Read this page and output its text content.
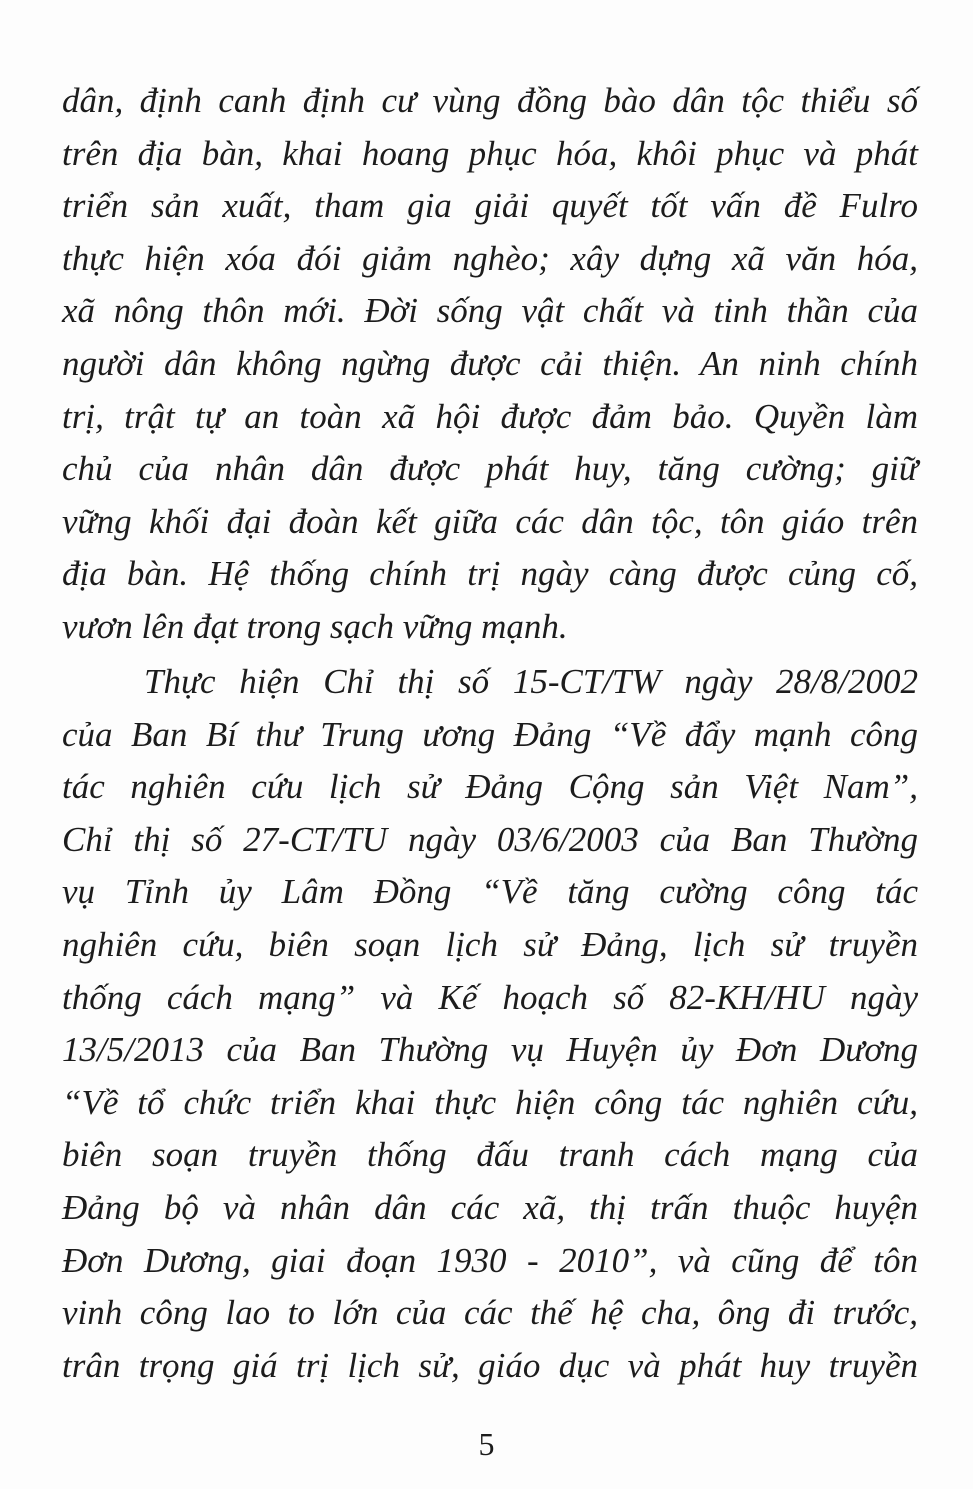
dân, định canh định cư vùng đồng bào dân tộc thiểu số
trên địa bàn, khai hoang phục hóa, khôi phục và phát
triển sản xuất, tham gia giải quyết tốt vấn đề Fulro
thực hiện xóa đói giảm nghèo; xây dựng xã văn hóa,
xã nông thôn mới. Đời sống vật chất và tinh thần của
người dân không ngừng được cải thiện. An ninh chính
trị, trật tự an toàn xã hội được đảm bảo. Quyền làm
chủ của nhân dân được phát huy, tăng cường; giữ
vững khối đại đoàn kết giữa các dân tộc, tôn giáo trên
địa bàn. Hệ thống chính trị ngày càng được củng cố,
vươn lên đạt trong sạch vững mạnh.
Thực hiện Chỉ thị số 15-CT/TW ngày 28/8/2002
của Ban Bí thư Trung ương Đảng “Về đẩy mạnh công
tác nghiên cứu lịch sử Đảng Cộng sản Việt Nam”,
Chỉ thị số 27-CT/TU ngày 03/6/2003 của Ban Thường
vụ Tỉnh ủy Lâm Đồng “Về tăng cường công tác
nghiên cứu, biên soạn lịch sử Đảng, lịch sử truyền
thống cách mạng” và Kế hoạch số 82-KH/HU ngày
13/5/2013 của Ban Thường vụ Huyện ủy Đơn Dương
“Về tổ chức triển khai thực hiện công tác nghiên cứu,
biên soạn truyền thống đấu tranh cách mạng của
Đảng bộ và nhân dân các xã, thị trấn thuộc huyện
Đơn Dương, giai đoạn 1930 - 2010”, và cũng để tôn
vinh công lao to lớn của các thế hệ cha, ông đi trước,
trân trọng giá trị lịch sử, giáo dục và phát huy truyền
5
